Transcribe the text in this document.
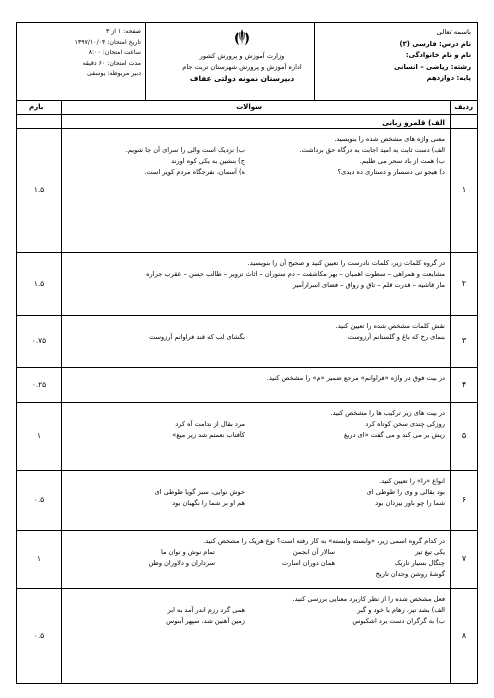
باسمه تعالی
نام درس: فارسی (۳)
نام و نام خانوادگی:
رشته: ریاضی – انسانی
پایه: دوازدهم
وزارت آموزش و پرورش کشور
اداره آموزش و پرورش شهرستان تربت جام
دبیرستان نمونه دولتی عفاف
صفحه: ۱ از ۳
تاریخ امتحان: ۱۳۹۷/۱۰/۰۴
ساعت امتحان: ۸:۰۰
مدت امتحان: ۶۰ دقیقه
دبیر مربوطه: یوسفی
ردیف
سوالات
بارم
الف) قلمرو زبانی
۱
معنی واژه های مشخص شده را بنویسید.
الف) دست ثابت به امید اجابت به درگاه حق برداشت.
ب) نزدیک است والی را سرای آن جا شویم.
ب) همت از باد سحر می طلبم.
ج) بنشین به یکی کوه اورند
د) هیجو تی دسسار و دستاری ده دیدی؟
ه) آسمان، نفرجگاه مردم کویر است.
۱.۵
۲
در گروه کلمات زیر، کلمات نادرست را تعیین کنید و صحیح آن را بنویسید.
مشایعت و همراهی – سطوت اهمیان – بهر مکاشفت – دم ستوران – اثاث تزویر – طالب حسن – عقرب جراره
مار قاشیه – قدرت قلم – تاق و رواق – فضای اسرارآمیز
۱.۵
۳
نقش کلمات مشخص شده را تعیین کنید.
بنمای رخ که باغ و گلستانم آرزوست
بگشای لب که قند فراوانم آرزوست
۰.۷۵
۴
در بیت فوق در واژه «فراوانم» مرجع ضمیر «م» را مشخص کنید.
۰.۲۵
۵
در بیت های زیر ترکیب ها را مشخص کنید.
روزکی چندی سخن کوتاه کرد
مرد بقال از ندامت آه کرد
ریش بر می کند و می گفت «ای دریغ
کآفتاب نعمتم شد زیر میغ»
۱
۶
انواع «را» را تعیین کنید.
بود بقالی و وی را طوطی ای
خوش نوایی، سبز گویا طوطی ای
شما را چو باور بیزدان بود
هم او بر شما را نگهبان بود
۰.۵
۷
در کدام گروه اسمی زیر، «وابسته وابسته» به کار رفته است؟ نوع هریک را مشخص کنید.
یکی تیغ تیز
سالار آن انجمن
تمام نوش و نوان ما
چنگال بسیار تاریک
همان دوران اسارت
سرداران و دلاوران وطن
گوشهٔ روشن وجدان تاریخ
۱
۸
فعل مشخص شده را از نظر کاربرد معنایی بررسی کنید.
الف) بشد تیز، رهام با خود و گبر
همی گرد رزم اندر آمد به ابر
ب) به گرگران دست برد اشکبوس
زمین آهنین شد، سپهر آبنوس
۰.۵
